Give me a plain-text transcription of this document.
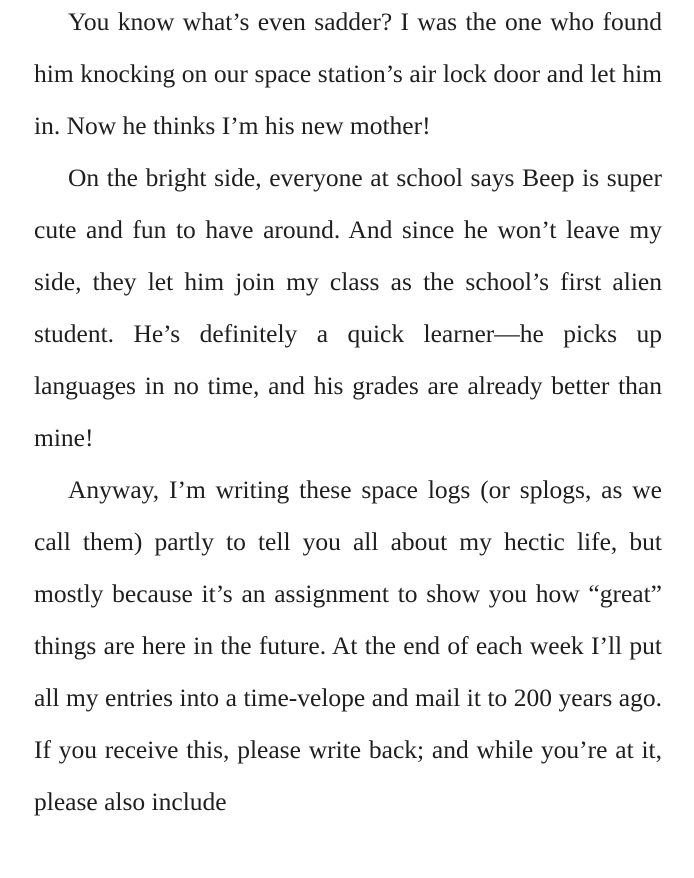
You know what’s even sadder? I was the one who found him knocking on our space station’s air lock door and let him in. Now he thinks I’m his new mother!

On the bright side, everyone at school says Beep is super cute and fun to have around. And since he won’t leave my side, they let him join my class as the school’s first alien student. He’s definitely a quick learner—he picks up languages in no time, and his grades are already better than mine!

Anyway, I’m writing these space logs (or splogs, as we call them) partly to tell you all about my hectic life, but mostly because it’s an assignment to show you how “great” things are here in the future. At the end of each week I’ll put all my entries into a time-velope and mail it to 200 years ago. If you receive this, please write back; and while you’re at it, please also include
